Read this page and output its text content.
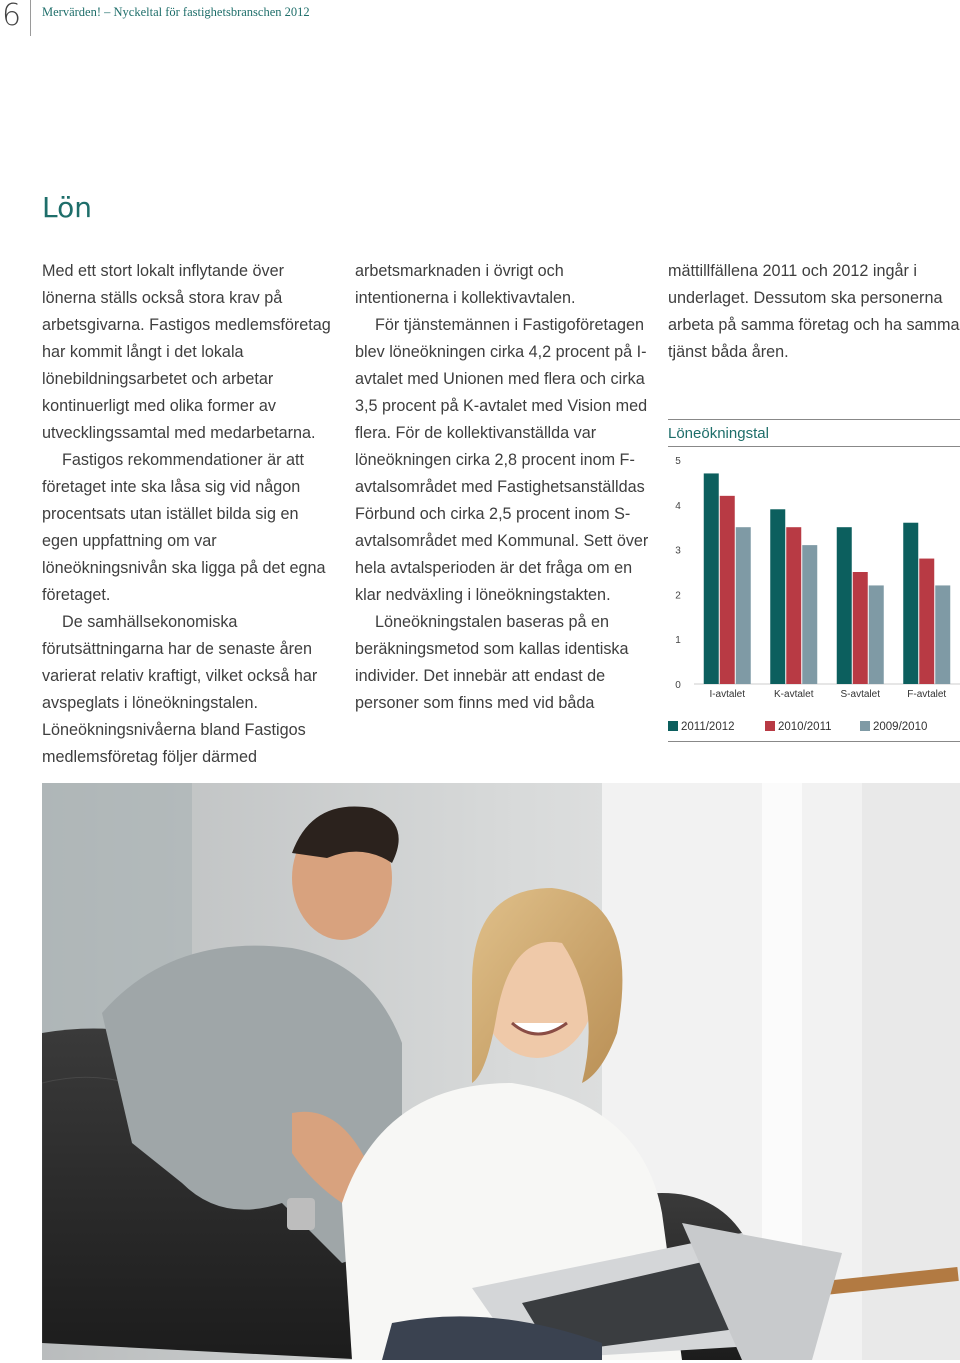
6 Mervärden! – Nyckeltal för fastighetsbranschen 2012
Lön

Med ett stort lokalt inflytande över lönerna ställs också stora krav på arbetsgivarna. Fastigos medlemsföretag har kommit långt i det lokala lönebildningsarbetet och arbetar kontinuerligt med olika former av utvecklingssamtal med medarbetarna.

Fastigos rekommendationer är att företaget inte ska låsa sig vid någon procentsats utan istället bilda sig en egen uppfattning om var löneökningsnivån ska ligga på det egna företaget.

De samhällsekonomiska förutsättningarna har de senaste åren varierat relativ kraftigt, vilket också har avspeglats i löneökningstalen. Löneökningsnivåerna bland Fastigos medlemsföretag följer därmed

arbetsmarknaden i övrigt och intentionerna i kollektivavtalen.

För tjänstemännen i Fastigoföretagen blev löneökningen cirka 4,2 procent på I-avtalet med Unionen med flera och cirka 3,5 procent på K-avtalet med Vision med flera. För de kollektivanställda var löneökningen cirka 2,8 procent inom F-avtalsområdet med Fastighetsanställdas Förbund och cirka 2,5 procent inom S-avtalsområdet med Kommunal. Sett över hela avtalsperioden är det fråga om en klar nedväxling i löneökningstakten.

Löneökningstalen baseras på en beräkningsmetod som kallas identiska individer. Det innebär att endast de personer som finns med vid båda

mättillfällena 2011 och 2012 ingår i underlaget. Dessutom ska personerna arbeta på samma företag och ha samma tjänst båda åren.

Löneökningstal
0
1
2
3
4
5
I-avtalet	K-avtalet	S-avtalet	F-avtalet
2011/2012	2010/2011	2009/2010
